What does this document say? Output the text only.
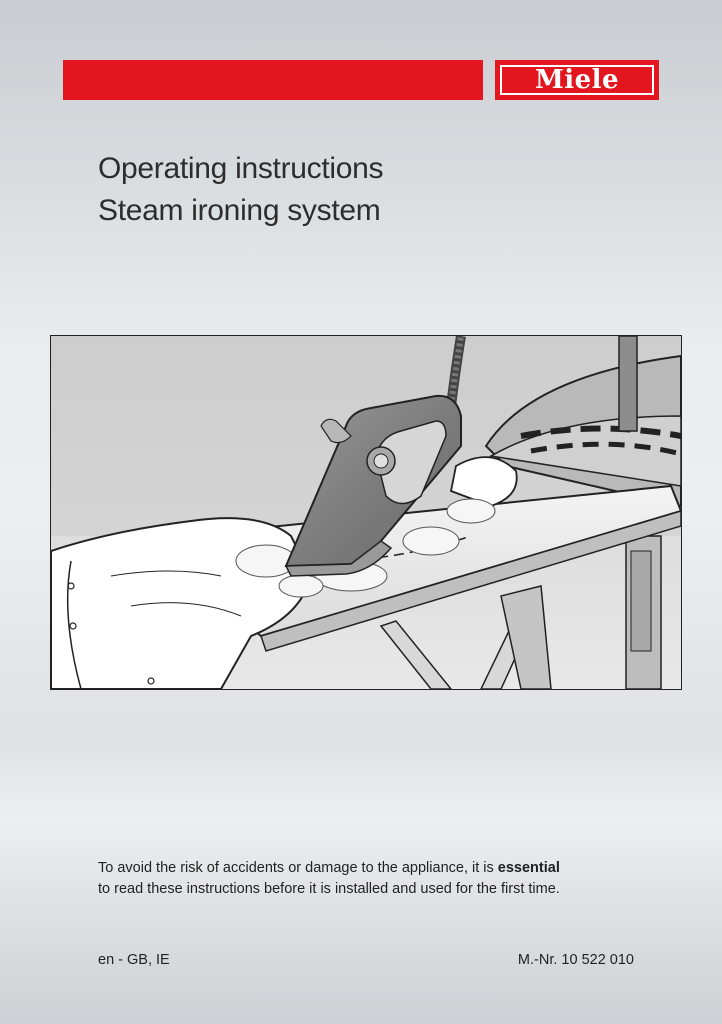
Miele
Operating instructions
Steam ironing system

To avoid the risk of accidents or damage to the appliance, it is essential
to read these instructions before it is installed and used for the first time.

en - GB, IE	M.-Nr. 10 522 010
